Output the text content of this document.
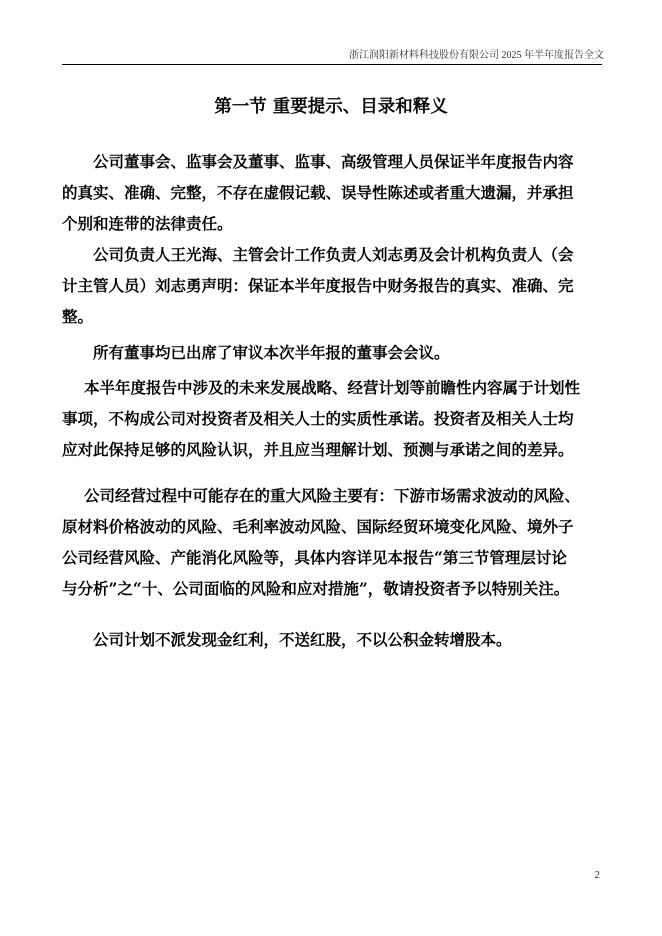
浙江润阳新材料科技股份有限公司 2025 年半年度报告全文
第一节 重要提示、目录和释义
公司董事会、监事会及董事、监事、高级管理人员保证半年度报告内容
的真实、准确、完整，不存在虚假记载、误导性陈述或者重大遗漏，并承担
个别和连带的法律责任。
公司负责人王光海、主管会计工作负责人刘志勇及会计机构负责人（会
计主管人员）刘志勇声明：保证本半年度报告中财务报告的真实、准确、完
整。
所有董事均已出席了审议本次半年报的董事会会议。
本半年度报告中涉及的未来发展战略、经营计划等前瞻性内容属于计划性
事项，不构成公司对投资者及相关人士的实质性承诺。投资者及相关人士均
应对此保持足够的风险认识，并且应当理解计划、预测与承诺之间的差异。
公司经营过程中可能存在的重大风险主要有：下游市场需求波动的风险、
原材料价格波动的风险、毛利率波动风险、国际经贸环境变化风险、境外子
公司经营风险、产能消化风险等，具体内容详见本报告“第三节管理层讨论
与分析”之“十、公司面临的风险和应对措施”，敬请投资者予以特别关注。
公司计划不派发现金红利，不送红股，不以公积金转增股本。
2
